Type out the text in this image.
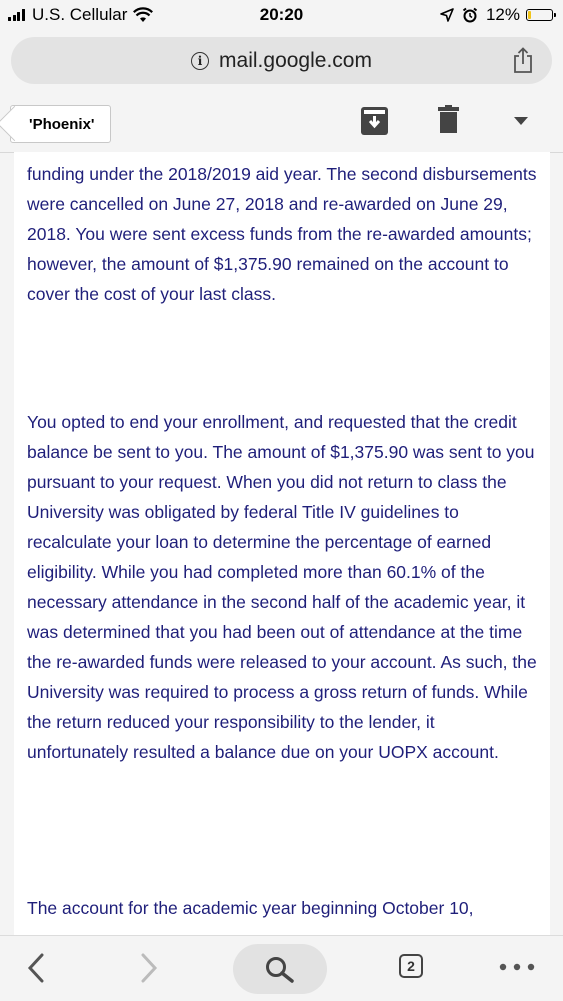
U.S. Cellular	20:20	12%
i mail.google.com
'Phoenix'

funding under the 2018/2019 aid year. The second disbursements were cancelled on June 27, 2018 and re-awarded on June 29, 2018. You were sent excess funds from the re-awarded amounts; however, the amount of $1,375.90 remained on the account to cover the cost of your last class.

You opted to end your enrollment, and requested that the credit balance be sent to you. The amount of $1,375.90 was sent to you pursuant to your request. When you did not return to class the University was obligated by federal Title IV guidelines to recalculate your loan to determine the percentage of earned eligibility. While you had completed more than 60.1% of the necessary attendance in the second half of the academic year, it was determined that you had been out of attendance at the time the re-awarded funds were released to your account. As such, the University was required to process a gross return of funds. While the return reduced your responsibility to the lender, it unfortunately resulted a balance due on your UOPX account.

The account for the academic year beginning October 10,

2
